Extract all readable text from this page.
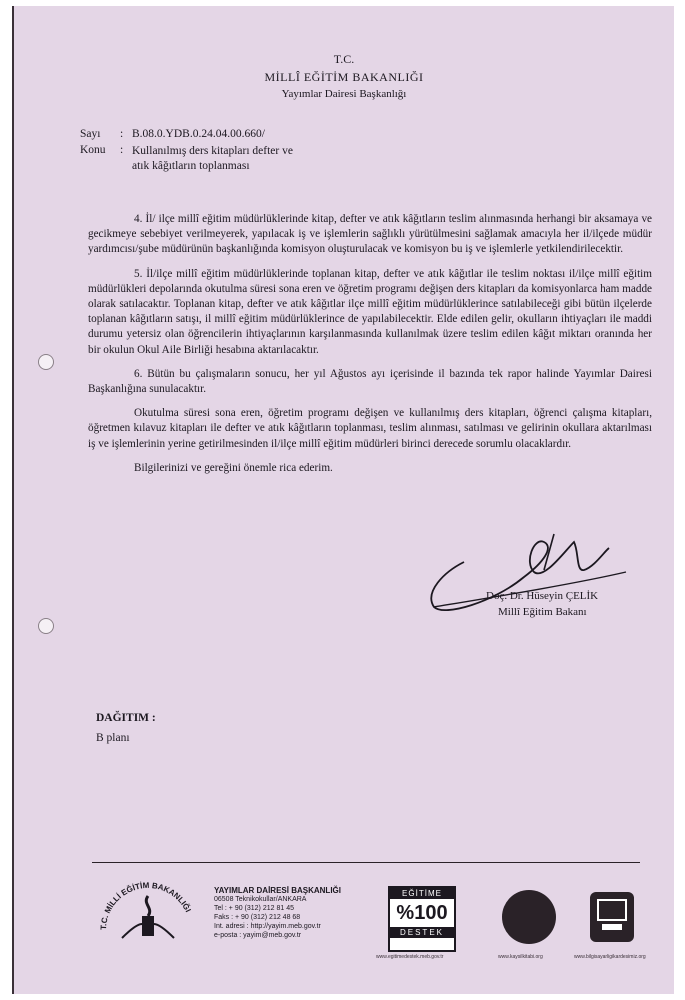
T.C.
MİLLÎ EĞİTİM BAKANLIĞI
Yayımlar Dairesi Başkanlığı
Sayı : B.08.0.YDB.0.24.04.00.660/
Konu : Kullanılmış ders kitapları defter ve
atık kâğıtların toplanması

4. İl/ ilçe millî eğitim müdürlüklerinde kitap, defter ve atık kâğıtların teslim alınmasında herhangi bir aksamaya ve gecikmeye sebebiyet verilmeyerek, yapılacak iş ve işlemlerin sağlıklı yürütülmesini sağlamak amacıyla her il/ilçede müdür yardımcısı/şube müdürünün başkanlığında komisyon oluşturulacak ve komisyon bu iş ve işlemlerle yetkilendirilecektir.

5. İl/ilçe millî eğitim müdürlüklerinde toplanan kitap, defter ve atık kâğıtlar ile teslim noktası il/ilçe millî eğitim müdürlükleri depolarında okutulma süresi sona eren ve öğretim programı değişen ders kitapları da komisyonlarca ham madde olarak satılacaktır. Toplanan kitap, defter ve atık kâğıtlar ilçe millî eğitim müdürlüklerince satılabileceği gibi bütün ilçelerde toplanan kâğıtların satışı, il millî eğitim müdürlüklerince de yapılabilecektir. Elde edilen gelir, okulların ihtiyaçları ile maddi durumu yetersiz olan öğrencilerin ihtiyaçlarının karşılanmasında kullanılmak üzere teslim edilen kâğıt miktarı oranında her bir okulun Okul Aile Birliği hesabına aktarılacaktır.

6. Bütün bu çalışmaların sonucu, her yıl Ağustos ayı içerisinde il bazında tek rapor halinde Yayımlar Dairesi Başkanlığına sunulacaktır.

Okutulma süresi sona eren, öğretim programı değişen ve kullanılmış ders kitapları, öğrenci çalışma kitapları, öğretmen kılavuz kitapları ile defter ve atık kâğıtların toplanması, teslim alınması, satılması ve gelirinin okullara aktarılması iş ve işlemlerinin yerine getirilmesinden il/ilçe millî eğitim müdürleri birinci derecede sorumlu olacaklardır.

Bilgilerinizi ve gereğini önemle rica ederim.

Doç. Dr. Hüseyin ÇELİK
Millî Eğitim Bakanı
DAĞITIM :
B planı
T.C. MİLLİ EĞİTİM BAKANLIĞI
YAYIMLAR DAİRESİ BAŞKANLIĞI
06508 Teknikokullar/ANKARA
Tel : + 90 (312) 212 81 45
Faks : + 90 (312) 212 48 68
Int. adresi : http://yayim.meb.gov.tr
e-posta : yayim@meb.gov.tr
EĞİTİME
%100
DESTEK
www.egitimedestek.meb.gov.tr	www.kaysilkitabi.org	www.bilgisayarligikardesimiz.org
